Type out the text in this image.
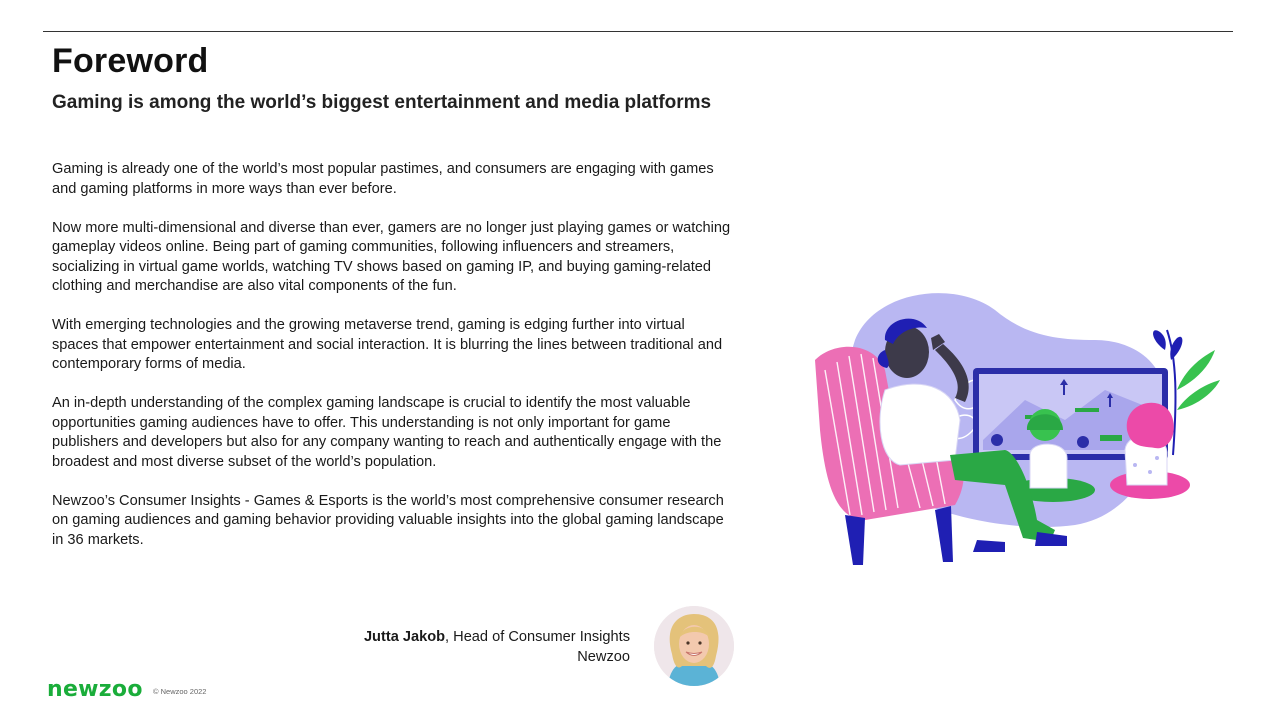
Foreword
Gaming is among the world’s biggest entertainment and media platforms

Gaming is already one of the world’s most popular pastimes, and consumers are engaging with games and gaming platforms in more ways than ever before.

Now more multi-dimensional and diverse than ever, gamers are no longer just playing games or watching gameplay videos online. Being part of gaming communities, following influencers and streamers, socializing in virtual game worlds, watching TV shows based on gaming IP, and buying gaming-related clothing and merchandise are also vital components of the fun.

With emerging technologies and the growing metaverse trend, gaming is edging further into virtual spaces that empower entertainment and social interaction. It is blurring the lines between traditional and contemporary forms of media.

An in-depth understanding of the complex gaming landscape is crucial to identify the most valuable opportunities gaming audiences have to offer. This understanding is not only important for game publishers and developers but also for any company wanting to reach and authentically engage with the broadest and most diverse subset of the world’s population.

Newzoo’s Consumer Insights - Games & Esports is the world’s most comprehensive consumer research on gaming audiences and gaming behavior providing valuable insights into the global gaming landscape in 36 markets.

Jutta Jakob, Head of Consumer Insights
Newzoo
newzoo © Newzoo 2022
